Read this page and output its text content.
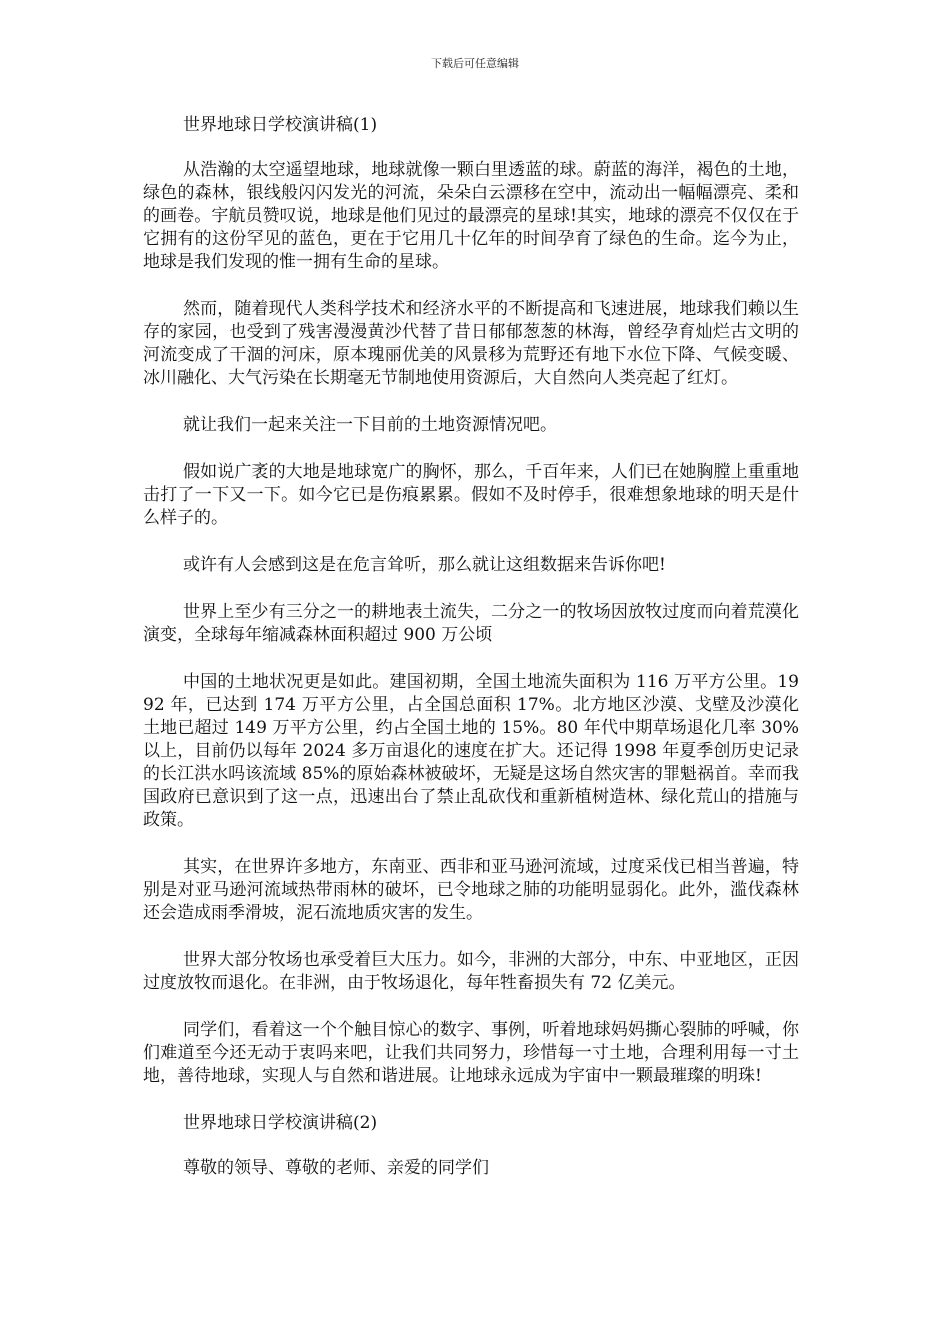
下载后可任意编辑

世界地球日学校演讲稿(1)

从浩瀚的太空遥望地球，地球就像一颗白里透蓝的球。蔚蓝的海洋，褐色的土地，绿色的森林，银线般闪闪发光的河流，朵朵白云漂移在空中，流动出一幅幅漂亮、柔和的画卷。宇航员赞叹说，地球是他们见过的最漂亮的星球!其实，地球的漂亮不仅仅在于它拥有的这份罕见的蓝色，更在于它用几十亿年的时间孕育了绿色的生命。迄今为止，地球是我们发现的惟一拥有生命的星球。

然而，随着现代人类科学技术和经济水平的不断提高和飞速进展，地球我们赖以生存的家园，也受到了残害漫漫黄沙代替了昔日郁郁葱葱的林海，曾经孕育灿烂古文明的河流变成了干涸的河床，原本瑰丽优美的风景移为荒野还有地下水位下降、气候变暖、冰川融化、大气污染在长期毫无节制地使用资源后，大自然向人类亮起了红灯。

就让我们一起来关注一下目前的土地资源情况吧。

假如说广袤的大地是地球宽广的胸怀，那么，千百年来，人们已在她胸膛上重重地击打了一下又一下。如今它已是伤痕累累。假如不及时停手，很难想象地球的明天是什么样子的。

或许有人会感到这是在危言耸听，那么就让这组数据来告诉你吧!

世界上至少有三分之一的耕地表土流失，二分之一的牧场因放牧过度而向着荒漠化演变，全球每年缩减森林面积超过 900 万公顷

中国的土地状况更是如此。建国初期，全国土地流失面积为 116 万平方公里。1992 年，已达到 174 万平方公里，占全国总面积 17%。北方地区沙漠、戈壁及沙漠化土地已超过 149 万平方公里，约占全国土地的 15%。80 年代中期草场退化几率 30%以上，目前仍以每年 2024 多万亩退化的速度在扩大。还记得 1998 年夏季创历史记录的长江洪水吗该流域 85%的原始森林被破坏，无疑是这场自然灾害的罪魁祸首。幸而我国政府已意识到了这一点，迅速出台了禁止乱砍伐和重新植树造林、绿化荒山的措施与政策。

其实，在世界许多地方，东南亚、西非和亚马逊河流域，过度采伐已相当普遍，特别是对亚马逊河流域热带雨林的破坏，已令地球之肺的功能明显弱化。此外，滥伐森林还会造成雨季滑坡，泥石流地质灾害的发生。

世界大部分牧场也承受着巨大压力。如今，非洲的大部分，中东、中亚地区，正因过度放牧而退化。在非洲，由于牧场退化，每年牲畜损失有 72 亿美元。

同学们，看着这一个个触目惊心的数字、事例，听着地球妈妈撕心裂肺的呼喊，你们难道至今还无动于衷吗来吧，让我们共同努力，珍惜每一寸土地，合理利用每一寸土地，善待地球，实现人与自然和谐进展。让地球永远成为宇宙中一颗最璀璨的明珠!

世界地球日学校演讲稿(2)

尊敬的领导、尊敬的老师、亲爱的同学们
